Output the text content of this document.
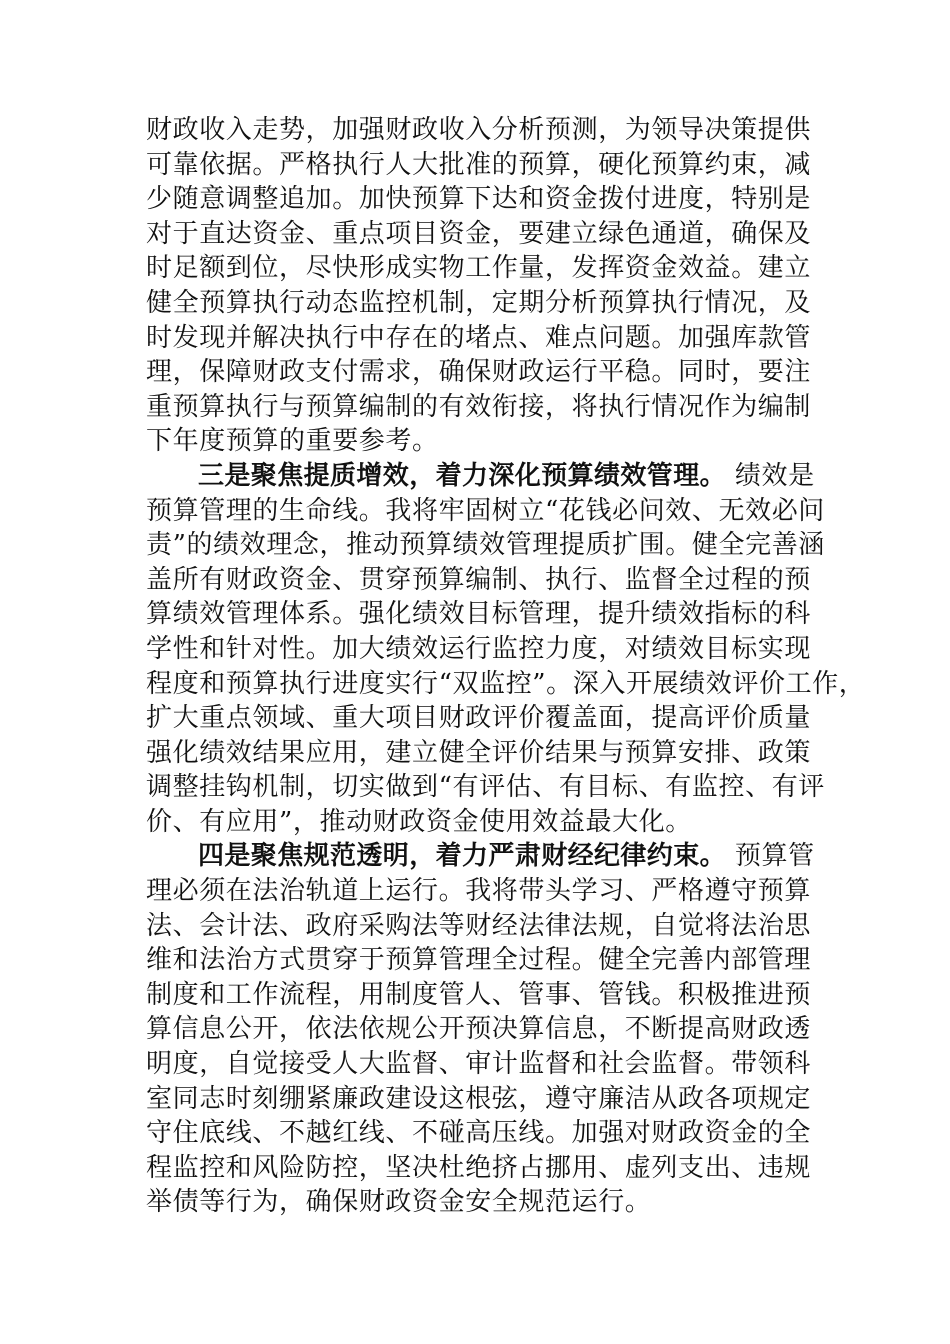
财政收入走势，加强财政收入分析预测，为领导决策提供
可靠依据。严格执行人大批准的预算，硬化预算约束，减
少随意调整追加。加快预算下达和资金拨付进度，特别是
对于直达资金、重点项目资金，要建立绿色通道，确保及
时足额到位，尽快形成实物工作量，发挥资金效益。建立
健全预算执行动态监控机制，定期分析预算执行情况，及
时发现并解决执行中存在的堵点、难点问题。加强库款管
理，保障财政支付需求，确保财政运行平稳。同时，要注
重预算执行与预算编制的有效衔接，将执行情况作为编制
下年度预算的重要参考。
三是聚焦提质增效，着力深化预算绩效管理。 绩效是
预算管理的生命线。我将牢固树立“花钱必问效、无效必问
责”的绩效理念，推动预算绩效管理提质扩围。健全完善涵
盖所有财政资金、贯穿预算编制、执行、监督全过程的预
算绩效管理体系。强化绩效目标管理，提升绩效指标的科
学性和针对性。加大绩效运行监控力度，对绩效目标实现
程度和预算执行进度实行“双监控”。深入开展绩效评价工作，
扩大重点领域、重大项目财政评价覆盖面，提高评价质量
强化绩效结果应用，建立健全评价结果与预算安排、政策
调整挂钩机制，切实做到“有评估、有目标、有监控、有评
价、有应用”，推动财政资金使用效益最大化。
四是聚焦规范透明，着力严肃财经纪律约束。 预算管
理必须在法治轨道上运行。我将带头学习、严格遵守预算
法、会计法、政府采购法等财经法律法规，自觉将法治思
维和法治方式贯穿于预算管理全过程。健全完善内部管理
制度和工作流程，用制度管人、管事、管钱。积极推进预
算信息公开，依法依规公开预决算信息，不断提高财政透
明度，自觉接受人大监督、审计监督和社会监督。带领科
室同志时刻绷紧廉政建设这根弦，遵守廉洁从政各项规定
守住底线、不越红线、不碰高压线。加强对财政资金的全
程监控和风险防控，坚决杜绝挤占挪用、虚列支出、违规
举债等行为，确保财政资金安全规范运行。
